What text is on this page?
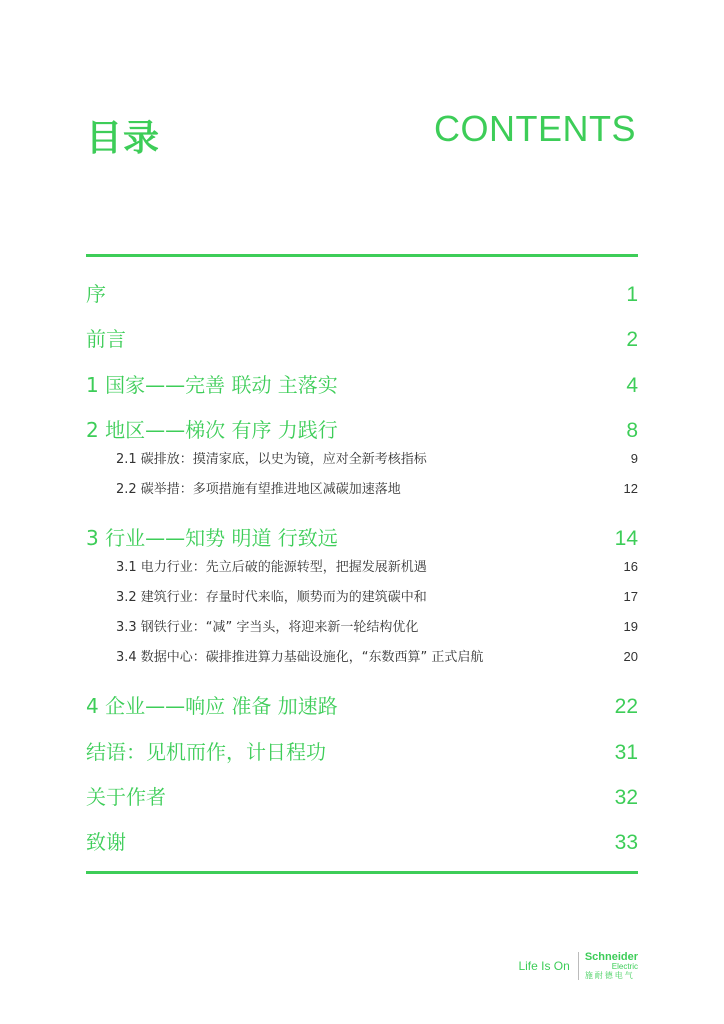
目录	CONTENTS
序	1
前言	2
1 国家——完善 联动 主落实	4
2 地区——梯次 有序 力践行	8
2.1 碳排放：摸清家底，以史为镜，应对全新考核指标	9
2.2 碳举措：多项措施有望推进地区减碳加速落地	12
3 行业——知势 明道 行致远	14
3.1 电力行业：先立后破的能源转型，把握发展新机遇	16
3.2 建筑行业：存量时代来临，顺势而为的建筑碳中和	17
3.3 钢铁行业：“减” 字当头，将迎来新一轮结构优化	19
3.4 数据中心：碳排推进算力基础设施化，“东数西算” 正式启航	20
4 企业——响应 准备 加速路	22
结语：见机而作，计日程功	31
关于作者	32
致谢	33
Life Is On
Schneider
Electric
施耐德电气
